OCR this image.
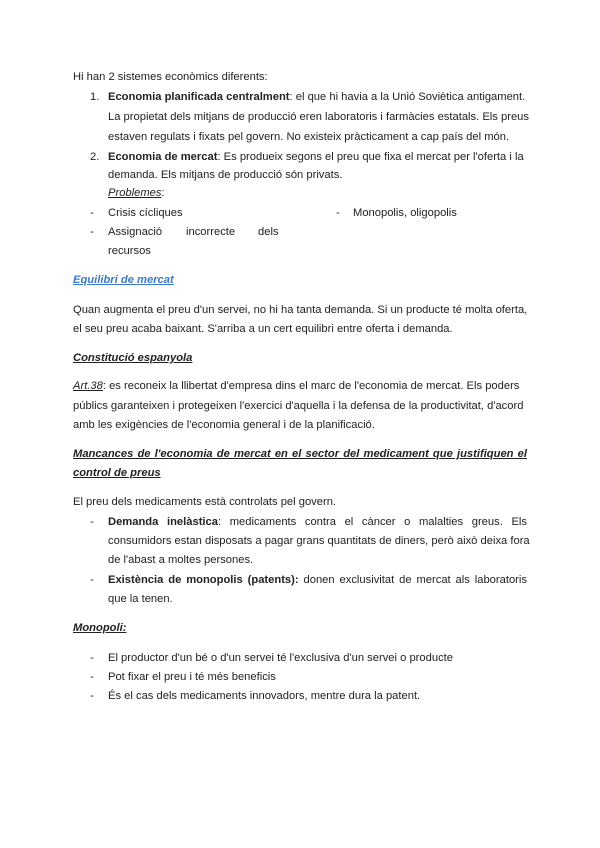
Hi han 2 sistemes econòmics diferents:
1. Economia planificada centralment: el que hi havia a la Unió Soviètica antigament.
La propietat dels mitjans de producció eren laboratoris i farmàcies estatals. Els preus
estaven regulats i fixats pel govern. No existeix pràcticament a cap país del món.
2. Economia de mercat: Es produeix segons el preu que fixa el mercat per l'oferta i la
demanda. Els mitjans de producció són privats.
Problemes:
- Crisis cícliques	- Monopolis, oligopolis
- Assignació incorrecte dels
recursos
Equilibri de mercat
Quan augmenta el preu d'un servei, no hi ha tanta demanda. Si un producte té molta oferta,
el seu preu acaba baixant. S'arriba a un cert equilibri entre oferta i demanda.
Constitució espanyola
Art.38: es reconeix la llibertat d'empresa dins el marc de l'economia de mercat. Els poders
públics garanteixen i protegeixen l'exercici d'aquella i la defensa de la productivitat, d'acord
amb les exigències de l'economia general i de la planificació.
Mancances de l'economia de mercat en el sector del medicament que justifiquen el
control de preus
El preu dels medicaments està controlats pel govern.
- Demanda inelàstica: medicaments contra el càncer o malalties greus. Els
consumidors estan disposats a pagar grans quantitats de diners, però això deixa fora
de l'abast a moltes persones.
- Existència de monopolis (patents): donen exclusivitat de mercat als laboratoris
que la tenen.
Monopoli:
- El productor d'un bé o d'un servei té l'exclusiva d'un servei o producte
- Pot fixar el preu i té més beneficis
- És el cas dels medicaments innovadors, mentre dura la patent.
